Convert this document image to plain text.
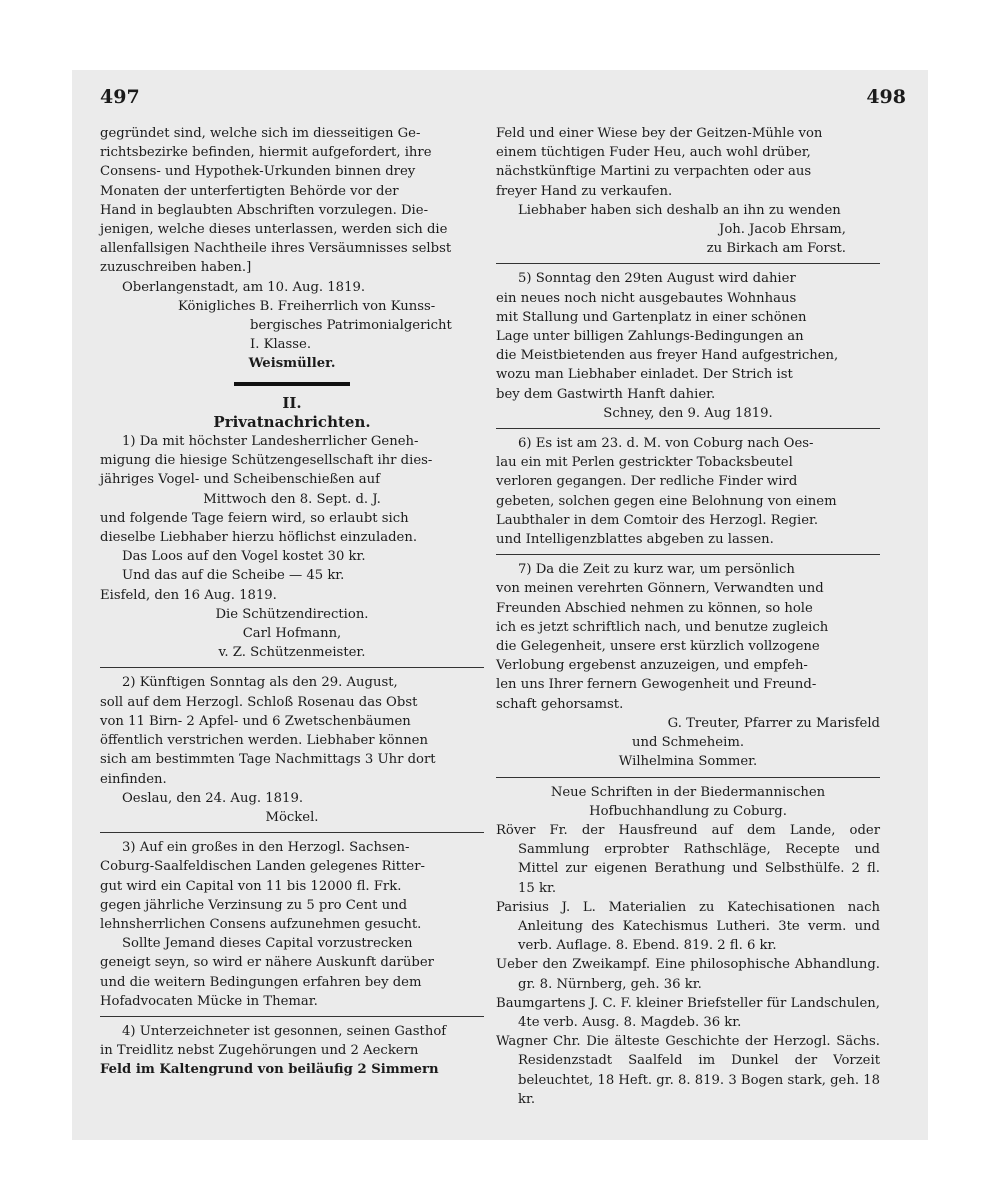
497	498

gegründet sind, welche sich im diesseitigen Ge-

richtsbezirke befinden, hiermit aufgefordert, ihre

Consens- und Hypothek-Urkunden binnen drey

Monaten der unterfertigten Behörde vor der

Hand in beglaubten Abschriften vorzulegen. Die-

jenigen, welche dieses unterlassen, werden sich die

allenfallsigen Nachtheile ihres Versäumnisses selbst

zuzuschreiben haben.]

Oberlangenstadt, am 10. Aug. 1819.

Königliches B. Freiherrlich von Kunss-

bergisches Patrimonialgericht

I. Klasse.

Weismüller.

II.

Privatnachrichten.

1) Da mit höchster Landesherrlicher Geneh-

migung die hiesige Schützengesellschaft ihr dies-

jähriges Vogel- und Scheibenschießen auf

Mittwoch den 8. Sept. d. J.

und folgende Tage feiern wird, so erlaubt sich

dieselbe Liebhaber hierzu höflichst einzuladen.

Das Loos auf den Vogel kostet 30 kr.

Und das auf die Scheibe — 45 kr.

Eisfeld, den 16 Aug. 1819.

Die Schützendirection.

Carl Hofmann,

v. Z. Schützenmeister.

2) Künftigen Sonntag als den 29. August,

soll auf dem Herzogl. Schloß Rosenau das Obst

von 11 Birn- 2 Apfel- und 6 Zwetschenbäumen

öffentlich verstrichen werden. Liebhaber können

sich am bestimmten Tage Nachmittags 3 Uhr dort

einfinden.

Oeslau, den 24. Aug. 1819.

Möckel.

3) Auf ein großes in den Herzogl. Sachsen-

Coburg-Saalfeldischen Landen gelegenes Ritter-

gut wird ein Capital von 11 bis 12000 fl. Frk.

gegen jährliche Verzinsung zu 5 pro Cent und

lehnsherrlichen Consens aufzunehmen gesucht.

Sollte Jemand dieses Capital vorzustrecken

geneigt seyn, so wird er nähere Auskunft darüber

und die weitern Bedingungen erfahren bey dem

Hofadvocaten Mücke in Themar.

4) Unterzeichneter ist gesonnen, seinen Gasthof

in Treidlitz nebst Zugehörungen und 2 Aeckern

Feld im Kaltengrund von beiläufig 2 Simmern

Feld und einer Wiese bey der Geitzen-Mühle von

einem tüchtigen Fuder Heu, auch wohl drüber,

nächstkünftige Martini zu verpachten oder aus

freyer Hand zu verkaufen.

Liebhaber haben sich deshalb an ihn zu wenden

Joh. Jacob Ehrsam,

zu Birkach am Forst.

5) Sonntag den 29ten August wird dahier

ein neues noch nicht ausgebautes Wohnhaus

mit Stallung und Gartenplatz in einer schönen

Lage unter billigen Zahlungs-Bedingungen an

die Meistbietenden aus freyer Hand aufgestrichen,

wozu man Liebhaber einladet. Der Strich ist

bey dem Gastwirth Hanft dahier.

Schney, den 9. Aug 1819.

6) Es ist am 23. d. M. von Coburg nach Oes-

lau ein mit Perlen gestrickter Tobacksbeutel

verloren gegangen. Der redliche Finder wird

gebeten, solchen gegen eine Belohnung von einem

Laubthaler in dem Comtoir des Herzogl. Regier.

und Intelligenzblattes abgeben zu lassen.

7) Da die Zeit zu kurz war, um persönlich

von meinen verehrten Gönnern, Verwandten und

Freunden Abschied nehmen zu können, so hole

ich es jetzt schriftlich nach, und benutze zugleich

die Gelegenheit, unsere erst kürzlich vollzogene

Verlobung ergebenst anzuzeigen, und empfeh-

len uns Ihrer fernern Gewogenheit und Freund-

schaft gehorsamst.

G. Treuter, Pfarrer zu Marisfeld

und Schmeheim.

Wilhelmina Sommer.

Neue Schriften in der Biedermannischen

Hofbuchhandlung zu Coburg.

Röver Fr. der Hausfreund auf dem Lande, oder Sammlung erprobter Rathschläge, Recepte und Mittel zur eigenen Berathung und Selbsthülfe. 2 fl. 15 kr.

Parisius J. L. Materialien zu Katechisationen nach Anleitung des Katechismus Lutheri. 3te verm. und verb. Auflage. 8. Ebend. 819. 2 fl. 6 kr.

Ueber den Zweikampf. Eine philosophische Abhandlung. gr. 8. Nürnberg, geh. 36 kr.

Baumgartens J. C. F. kleiner Briefsteller für Landschulen, 4te verb. Ausg. 8. Magdeb. 36 kr.

Wagner Chr. Die älteste Geschichte der Herzogl. Sächs. Residenzstadt Saalfeld im Dunkel der Vorzeit beleuchtet, 18 Heft. gr. 8. 819. 3 Bogen stark, geh. 18 kr.
